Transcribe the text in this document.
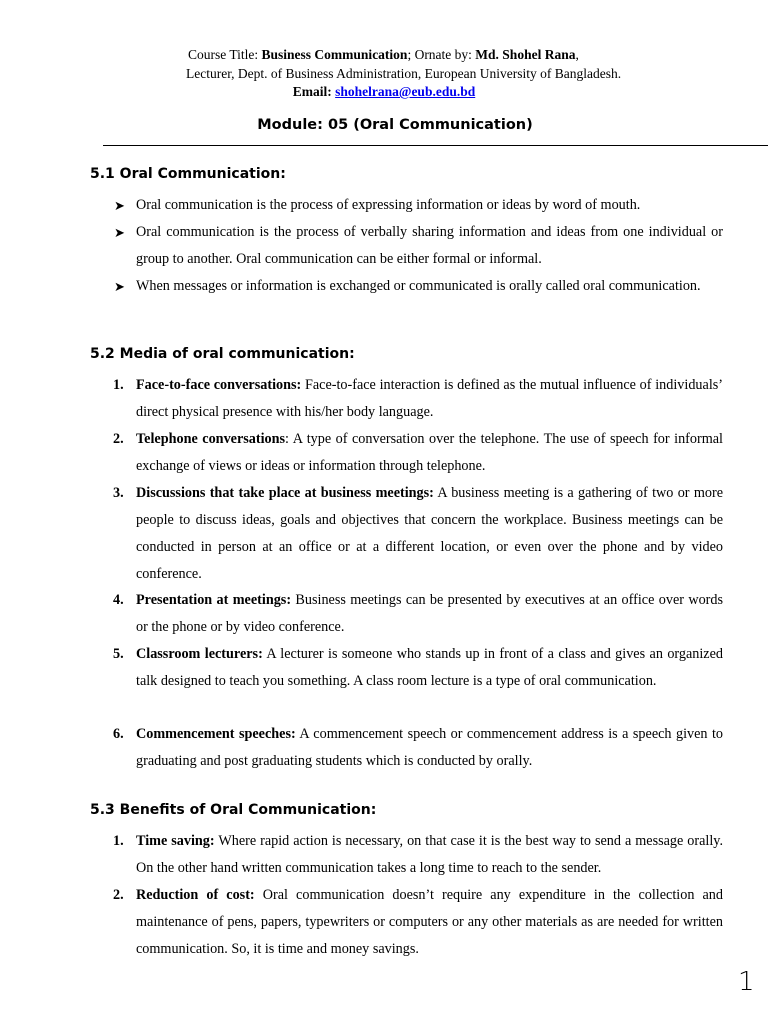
Course Title: Business Communication; Ornate by: Md. Shohel Rana,
Lecturer, Dept. of Business Administration, European University of Bangladesh.
Email: shohelrana@eub.edu.bd
Module: 05 (Oral Communication)
5.1 Oral Communication:
➤ Oral communication is the process of expressing information or ideas by word of mouth.
➤ Oral communication is the process of verbally sharing information and ideas from one individual or group to another. Oral communication can be either formal or informal.
➤ When messages or information is exchanged or communicated is orally called oral communication.
5.2 Media of oral communication:
1. Face-to-face conversations: Face-to-face interaction is defined as the mutual influence of individuals’ direct physical presence with his/her body language.
2. Telephone conversations: A type of conversation over the telephone. The use of speech for informal exchange of views or ideas or information through telephone.
3. Discussions that take place at business meetings: A business meeting is a gathering of two or more people to discuss ideas, goals and objectives that concern the workplace. Business meetings can be conducted in person at an office or at a different location, or even over the phone and by video conference.
4. Presentation at meetings: Business meetings can be presented by executives at an office over words or the phone or by video conference.
5. Classroom lecturers: A lecturer is someone who stands up in front of a class and gives an organized talk designed to teach you something. A class room lecture is a type of oral communication.
6. Commencement speeches: A commencement speech or commencement address is a speech given to graduating and post graduating students which is conducted by orally.
5.3 Benefits of Oral Communication:
1. Time saving: Where rapid action is necessary, on that case it is the best way to send a message orally. On the other hand written communication takes a long time to reach to the sender.
2. Reduction of cost: Oral communication doesn’t require any expenditure in the collection and maintenance of pens, papers, typewriters or computers or any other materials as are needed for written communication. So, it is time and money savings.
1
